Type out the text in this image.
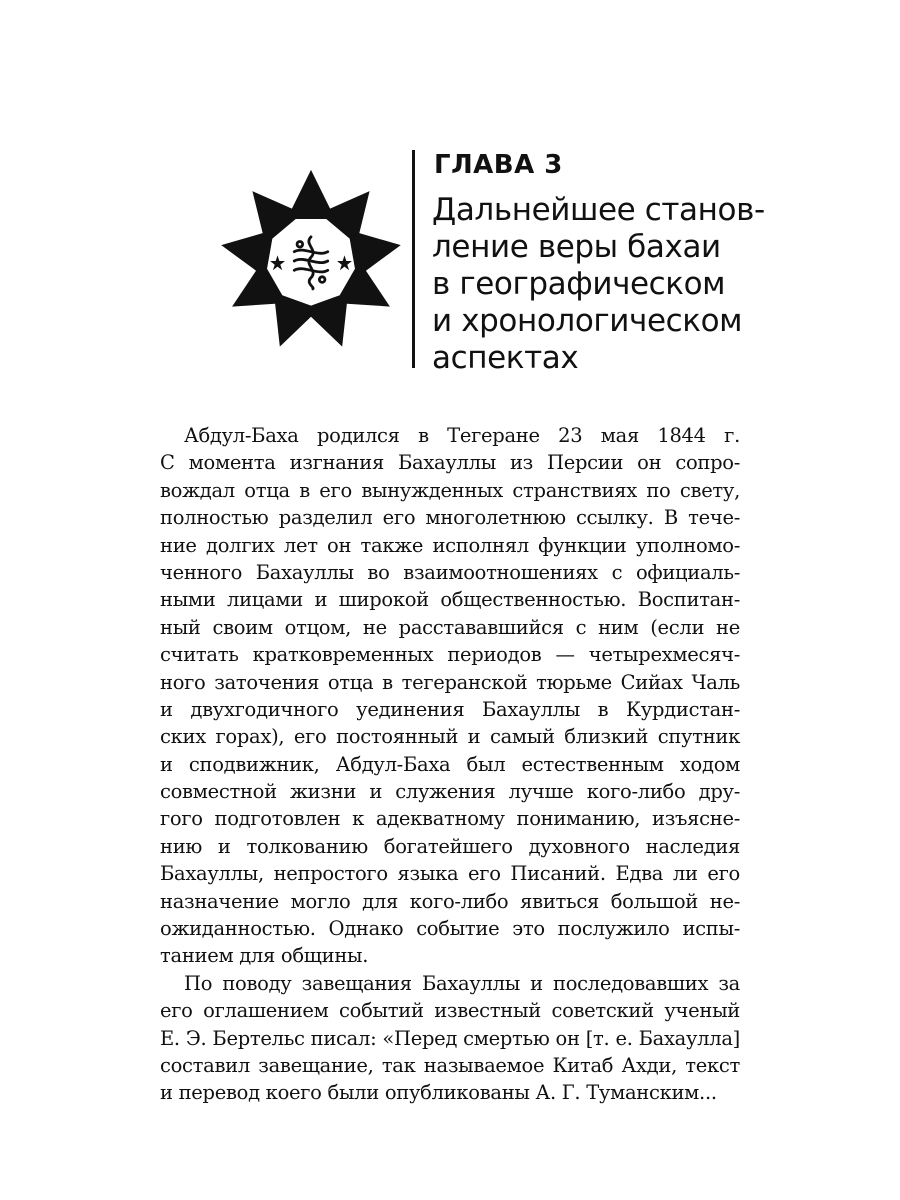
ГЛАВА 3
Дальнейшее станов-
ление веры бахаи
в географическом
и хронологическом
аспектах
Абдул-Баха родился в Тегеране 23 мая 1844 г.
С момента изгнания Бахауллы из Персии он сопро-
вождал отца в его вынужденных странствиях по свету,
полностью разделил его многолетнюю ссылку. В тече-
ние долгих лет он также исполнял функции уполномо-
ченного Бахауллы во взаимоотношениях с официаль-
ными лицами и широкой общественностью. Воспитан-
ный своим отцом, не расстававшийся с ним (если не
считать кратковременных периодов — четырехмесяч-
ного заточения отца в тегеранской тюрьме Сийах Чаль
и двухгодичного уединения Бахауллы в Курдистан-
ских горах), его постоянный и самый близкий спутник
и сподвижник, Абдул-Баха был естественным ходом
совместной жизни и служения лучше кого-либо дру-
гого подготовлен к адекватному пониманию, изъясне-
нию и толкованию богатейшего духовного наследия
Бахауллы, непростого языка его Писаний. Едва ли его
назначение могло для кого-либо явиться большой не-
ожиданностью. Однако событие это послужило испы-
танием для общины.
По поводу завещания Бахауллы и последовавших за
его оглашением событий известный советский ученый
Е. Э. Бертельс писал: «Перед смертью он [т. е. Бахаулла]
составил завещание, так называемое Китаб Ахди, текст
и перевод коего были опубликованы А. Г. Туманским...
